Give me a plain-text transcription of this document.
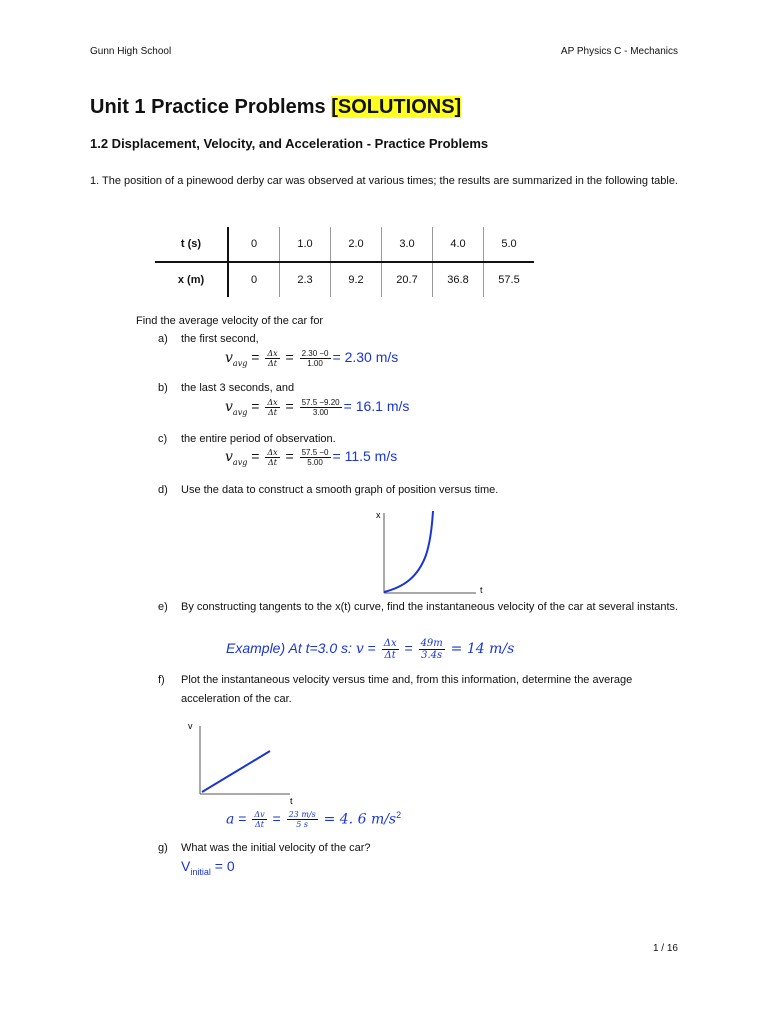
Gunn High School	AP Physics C - Mechanics
Unit 1 Practice Problems [SOLUTIONS]
1.2 Displacement, Velocity, and Acceleration - Practice Problems
1. The position of a pinewood derby car was observed at various times; the results are summarized in the following table.
t (s)	0	1.0	2.0	3.0	4.0	5.0
x (m)	0	2.3	9.2	20.7	36.8	57.5
Find the average velocity of the car for
a) the first second,
$v_{avg} = \frac{\Delta x}{\Delta t} = \frac{2.30 -0}{1.00} = 2.30$ m/s
b) the last 3 seconds, and
$v_{avg} = \frac{\Delta x}{\Delta t} = \frac{57.5 -9.20}{3.00} = 16.1$ m/s
c) the entire period of observation.
$v_{avg} = \frac{\Delta x}{\Delta t} = \frac{57.5 -0}{5.00} = 11.5$ m/s
d) Use the data to construct a smooth graph of position versus time.
x
t
e) By constructing tangents to the x(t) curve, find the instantaneous velocity of the car at several instants.
Example) At t=3.0 s: $v = \frac{\Delta x}{\Delta t} = \frac{49m}{3.4s} = 14$ m/s
f) Plot the instantaneous velocity versus time and, from this information, determine the average acceleration of the car.
v
t
$a = \frac{\Delta v}{\Delta t} = \frac{23 m/s}{5 s} = 4$. 6 $m/s^2$
g) What was the initial velocity of the car?
$V_{initial} = 0$
1 / 16
